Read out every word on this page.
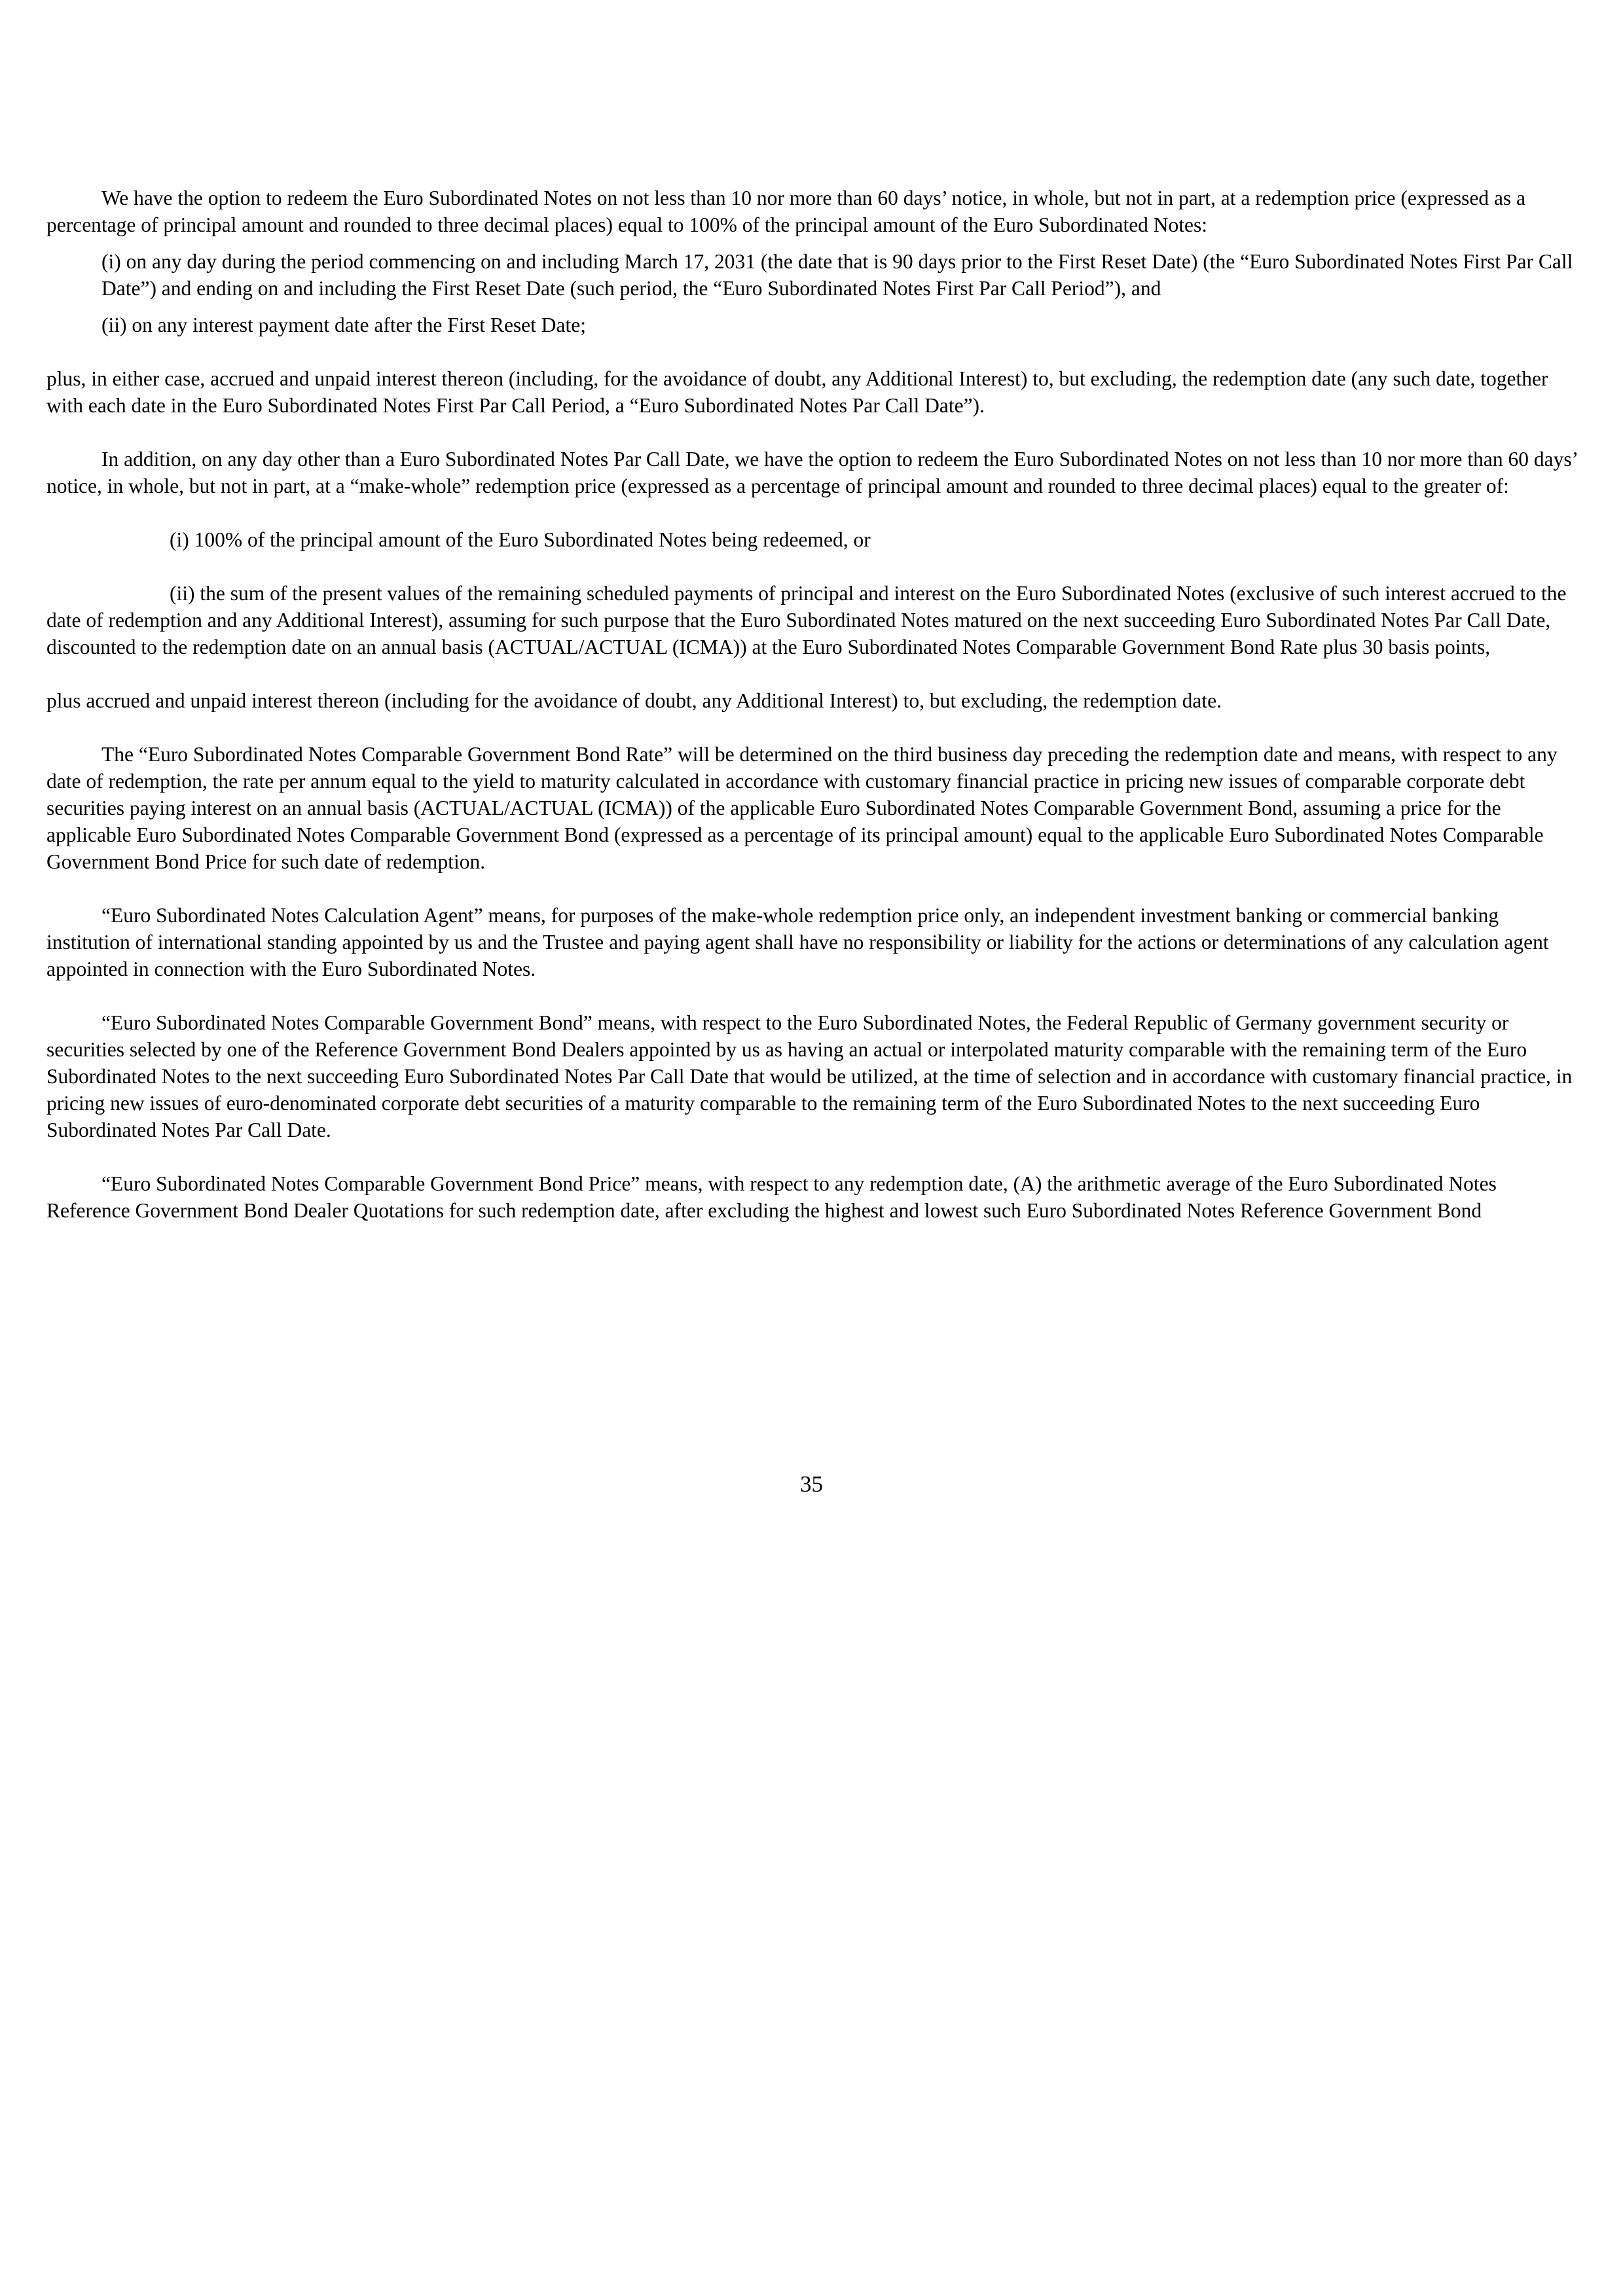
We have the option to redeem the Euro Subordinated Notes on not less than 10 nor more than 60 days’ notice, in whole, but not in part, at a redemption price (expressed as a percentage of principal amount and rounded to three decimal places) equal to 100% of the principal amount of the Euro Subordinated Notes:

(i) on any day during the period commencing on and including March 17, 2031 (the date that is 90 days prior to the First Reset Date) (the “Euro Subordinated Notes First Par Call Date”) and ending on and including the First Reset Date (such period, the “Euro Subordinated Notes First Par Call Period”), and

(ii) on any interest payment date after the First Reset Date;

plus, in either case, accrued and unpaid interest thereon (including, for the avoidance of doubt, any Additional Interest) to, but excluding, the redemption date (any such date, together with each date in the Euro Subordinated Notes First Par Call Period, a “Euro Subordinated Notes Par Call Date”).

In addition, on any day other than a Euro Subordinated Notes Par Call Date, we have the option to redeem the Euro Subordinated Notes on not less than 10 nor more than 60 days’ notice, in whole, but not in part, at a “make-whole” redemption price (expressed as a percentage of principal amount and rounded to three decimal places) equal to the greater of:

(i) 100% of the principal amount of the Euro Subordinated Notes being redeemed, or

(ii) the sum of the present values of the remaining scheduled payments of principal and interest on the Euro Subordinated Notes (exclusive of such interest accrued to the date of redemption and any Additional Interest), assuming for such purpose that the Euro Subordinated Notes matured on the next succeeding Euro Subordinated Notes Par Call Date, discounted to the redemption date on an annual basis (ACTUAL/ACTUAL (ICMA)) at the Euro Subordinated Notes Comparable Government Bond Rate plus 30 basis points,

plus accrued and unpaid interest thereon (including for the avoidance of doubt, any Additional Interest) to, but excluding, the redemption date.

The “Euro Subordinated Notes Comparable Government Bond Rate” will be determined on the third business day preceding the redemption date and means, with respect to any date of redemption, the rate per annum equal to the yield to maturity calculated in accordance with customary financial practice in pricing new issues of comparable corporate debt securities paying interest on an annual basis (ACTUAL/ACTUAL (ICMA)) of the applicable Euro Subordinated Notes Comparable Government Bond, assuming a price for the applicable Euro Subordinated Notes Comparable Government Bond (expressed as a percentage of its principal amount) equal to the applicable Euro Subordinated Notes Comparable Government Bond Price for such date of redemption.

“Euro Subordinated Notes Calculation Agent” means, for purposes of the make-whole redemption price only, an independent investment banking or commercial banking institution of international standing appointed by us and the Trustee and paying agent shall have no responsibility or liability for the actions or determinations of any calculation agent appointed in connection with the Euro Subordinated Notes.

“Euro Subordinated Notes Comparable Government Bond” means, with respect to the Euro Subordinated Notes, the Federal Republic of Germany government security or securities selected by one of the Reference Government Bond Dealers appointed by us as having an actual or interpolated maturity comparable with the remaining term of the Euro Subordinated Notes to the next succeeding Euro Subordinated Notes Par Call Date that would be utilized, at the time of selection and in accordance with customary financial practice, in pricing new issues of euro-denominated corporate debt securities of a maturity comparable to the remaining term of the Euro Subordinated Notes to the next succeeding Euro Subordinated Notes Par Call Date.

“Euro Subordinated Notes Comparable Government Bond Price” means, with respect to any redemption date, (A) the arithmetic average of the Euro Subordinated Notes Reference Government Bond Dealer Quotations for such redemption date, after excluding the highest and lowest such Euro Subordinated Notes Reference Government Bond

35
